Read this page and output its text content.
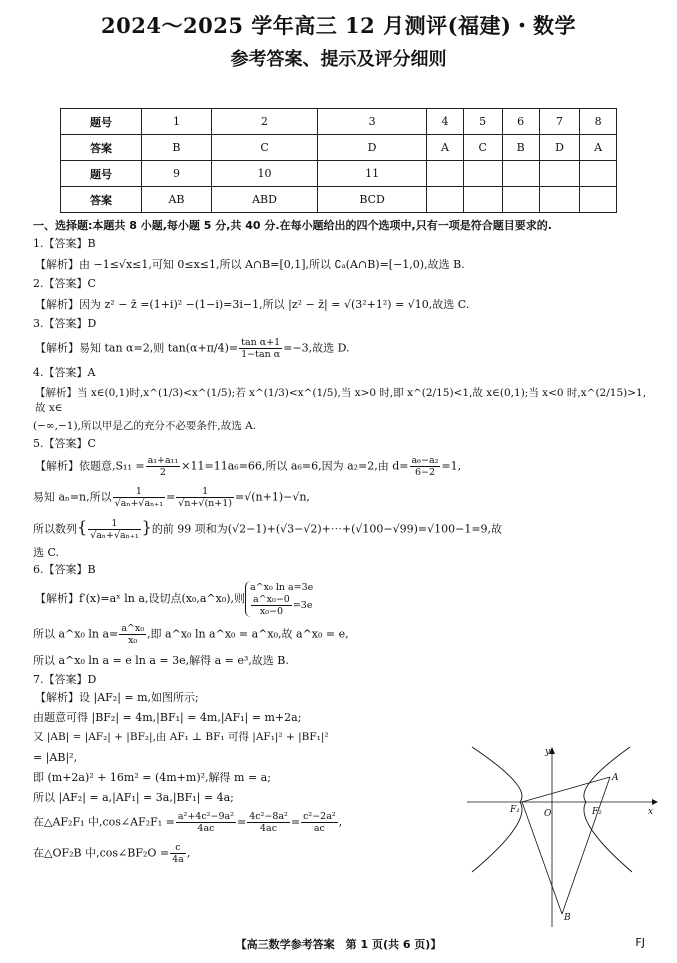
2024～2025 学年高三 12 月测评(福建)・数学
参考答案、提示及评分细则
题号	1	2	3	4	5	6	7	8
答案	B	C	D	A	C	B	D	A
题号	9	10	11					
答案	AB	ABD	BCD					
一、选择题:本题共 8 小题,每小题 5 分,共 40 分.在每小题给出的四个选项中,只有一项是符合题目要求的.
1.【答案】B
【解析】由 −1≤√x≤1,可知 0≤x≤1,所以 A∩B=[0,1],所以 ∁ₐ(A∩B)=[−1,0),故选 B.
2.【答案】C
【解析】因为 z² − z̄ =(1+i)² −(1−i)=3i−1,所以 |z² − z̄| = √(3²+1²) = √10,故选 C.
3.【答案】D
【解析】易知 tan α=2,则 $\tan(\alpha+\pi/4)= \frac{\text{tan α+1}}{\text{1−tan α}} =-3$,故选 D.
4.【答案】A
【解析】当 x∈(0,1)时,x^(1/3)<x^(1/5);若 x^(1/3)<x^(1/5),当 x>0 时,即 x^(2/15)<1,故 x∈(0,1);当 x<0 时,x^(2/15)>1,故 x∈
(−∞,−1),所以甲是乙的充分不必要条件,故选 A.
5.【答案】C
【解析】依题意$,S_{11} = \frac{\text{a₁+a₁₁}}{2} \times 11=11a_6=66$,所以 a₆=6,因为 a₂=2,由 $d= \frac{\text{a₆−a₂}}{6-2} =1$,
易知 aₙ=n,所以 $\frac{1}{\text{√aₙ+√aₙ₊₁}} = \frac{1}{√n+√(n+1)} =√(n+1)-√n$,
所以数列{ $\frac{1}{\text{√aₙ+√aₙ₊₁}}$ }的前 99 项和为(√2−1)+(√3−√2)+⋯+(√100−√99)=√100−1=9,故
选 C.
6.【答案】B
【解析】f′(x)=aˣ ln a,设切点(x₀,a^x₀),则
a^x₀ ln a=3e
$\frac{\text{a\textasciicircum{}x₀−0}}{\text{x₀−0}} =3e$
所以 a^x₀ $\ln a= \frac{\text{a\textasciicircum{}x₀}}{\text{x₀}}$ ,即 a^x₀ ln a^x₀ = a^x₀,故 a^x₀ = e,
所以 a^x₀ ln a = e ln a = 3e,解得 a = e³,故选 B.
7.【答案】D
【解析】设 |AF₂| = m,如图所示;
由题意可得 |BF₂| = 4m,|BF₁| = 4m,|AF₁| = m+2a;
又 |AB| = |AF₂| + |BF₂|,由 AF₁ ⊥ BF₁ 可得 |AF₁|² + |BF₁|²
= |AB|²,
即 (m+2a)² + 16m² = (4m+m)²,解得 m = a;
所以 |AF₂| = a,|AF₁| = 3a,|BF₁| = 4a;
在△AF₂F₁ 中,cos∠AF₂F₁ = $\frac{\text{a²+4c²−9a²}}{4ac} = \frac{\text{4c²−8a²}}{4ac} = \frac{\text{c²−2a²}}{ac}$ ,
在△OF₂B 中,cos∠BF₂O = $\frac{c}{4a}$ ,
y
x
O
A
B
F₁	F₂
【高三数学参考答案　第 1 页(共 6 页)】	FJ
